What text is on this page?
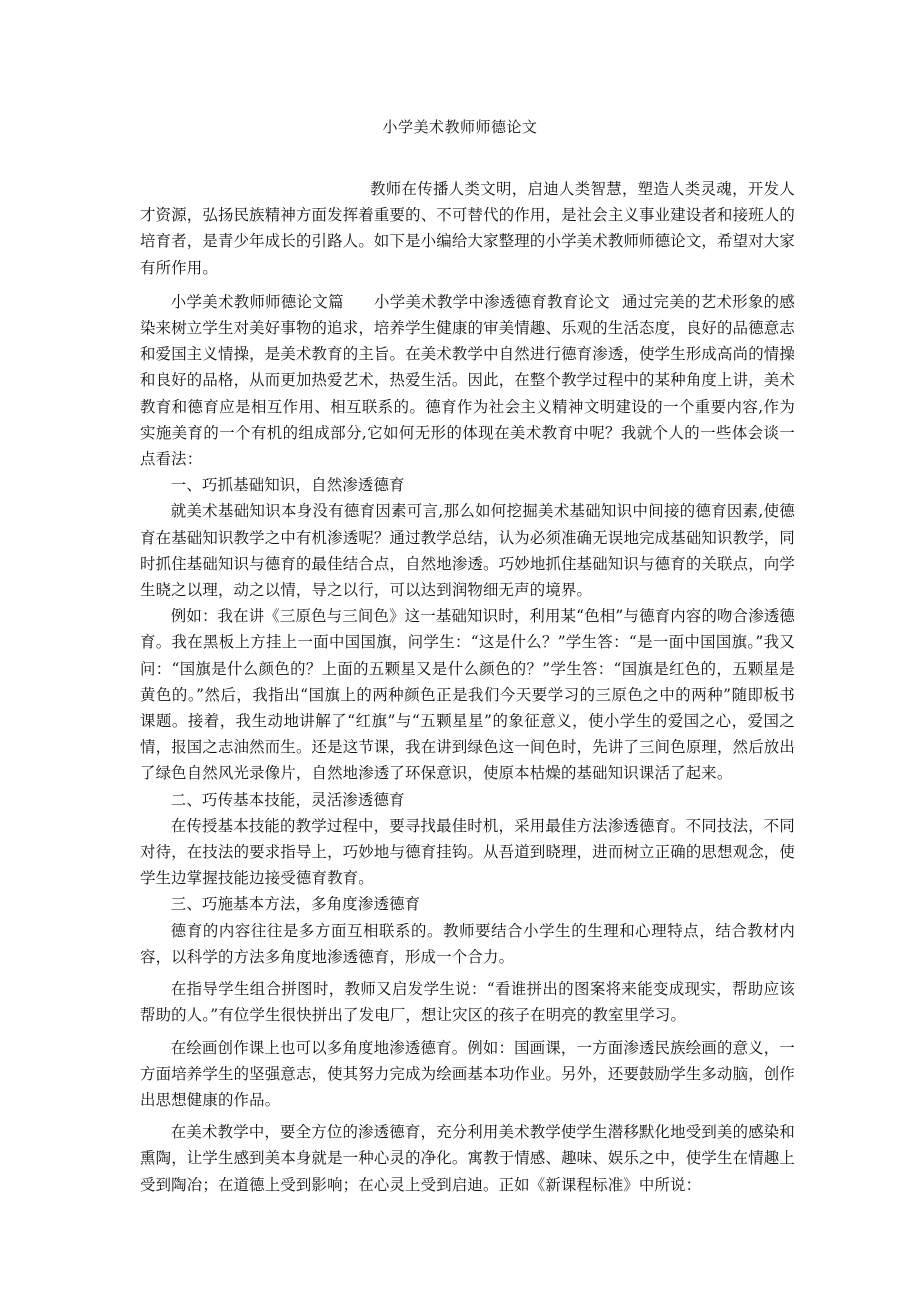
小学美术教师师德论文

教师在传播人类文明，启迪人类智慧，塑造人类灵魂，开发人才资源，弘扬民族精神方面发挥着重要的、不可替代的作用，是社会主义事业建设者和接班人的培育者，是青少年成长的引路人。如下是小编给大家整理的小学美术教师师德论文，希望对大家有所作用。

小学美术教师师德论文篇 小学美术教学中渗透德育教育论文 通过完美的艺术形象的感染来树立学生对美好事物的追求，培养学生健康的审美情趣、乐观的生活态度，良好的品德意志和爱国主义情操，是美术教育的主旨。在美术教学中自然进行德育渗透，使学生形成高尚的情操和良好的品格，从而更加热爱艺术，热爱生活。因此，在整个教学过程中的某种角度上讲，美术教育和德育应是相互作用、相互联系的。德育作为社会主义精神文明建设的一个重要内容,作为实施美育的一个有机的组成部分,它如何无形的体现在美术教育中呢？我就个人的一些体会谈一点看法：

一、巧抓基础知识，自然渗透德育

就美术基础知识本身没有德育因素可言,那么如何挖掘美术基础知识中间接的德育因素,使德育在基础知识教学之中有机渗透呢？通过教学总结，认为必须准确无误地完成基础知识教学，同时抓住基础知识与德育的最佳结合点，自然地渗透。巧妙地抓住基础知识与德育的关联点，向学生晓之以理，动之以情，导之以行，可以达到润物细无声的境界。

例如：我在讲《三原色与三间色》这一基础知识时，利用某“色相”与德育内容的吻合渗透德育。我在黑板上方挂上一面中国国旗，问学生：“这是什么？”学生答：“是一面中国国旗。”我又问：“国旗是什么颜色的？上面的五颗星又是什么颜色的？”学生答：“国旗是红色的，五颗星是黄色的。”然后，我指出“国旗上的两种颜色正是我们今天要学习的三原色之中的两种”随即板书课题。接着，我生动地讲解了“红旗”与“五颗星星”的象征意义，使小学生的爱国之心，爱国之情，报国之志油然而生。还是这节课，我在讲到绿色这一间色时，先讲了三间色原理，然后放出了绿色自然风光录像片，自然地渗透了环保意识，使原本枯燥的基础知识课活了起来。

二、巧传基本技能，灵活渗透德育

在传授基本技能的教学过程中，要寻找最佳时机，采用最佳方法渗透德育。不同技法，不同对待，在技法的要求指导上，巧妙地与德育挂钩。从吾道到晓理，进而树立正确的思想观念，使学生边掌握技能边接受德育教育。

三、巧施基本方法，多角度渗透德育

德育的内容往往是多方面互相联系的。教师要结合小学生的生理和心理特点，结合教材内容，以科学的方法多角度地渗透德育，形成一个合力。

在指导学生组合拼图时，教师又启发学生说：“看谁拼出的图案将来能变成现实，帮助应该帮助的人。”有位学生很快拼出了发电厂，想让灾区的孩子在明亮的教室里学习。

在绘画创作课上也可以多角度地渗透德育。例如：国画课，一方面渗透民族绘画的意义，一方面培养学生的坚强意志，使其努力完成为绘画基本功作业。另外，还要鼓励学生多动脑，创作出思想健康的作品。

在美术教学中，要全方位的渗透德育，充分利用美术教学使学生潜移默化地受到美的感染和熏陶，让学生感到美本身就是一种心灵的净化。寓教于情感、趣味、娱乐之中，使学生在情趣上受到陶冶；在道德上受到影响；在心灵上受到启迪。正如《新课程标准》中所说：
